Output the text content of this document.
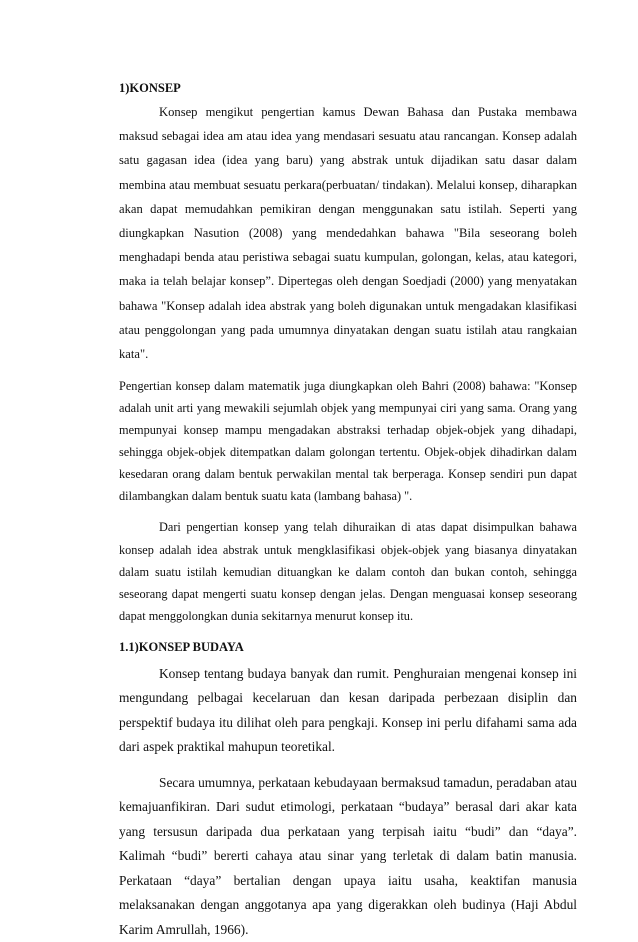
1)KONSEP

Konsep mengikut pengertian kamus Dewan Bahasa dan Pustaka membawa maksud sebagai idea am atau idea yang mendasari sesuatu atau rancangan. Konsep adalah satu gagasan idea (idea yang baru) yang abstrak untuk dijadikan satu dasar dalam membina atau membuat sesuatu perkara(perbuatan/ tindakan). Melalui konsep, diharapkan akan dapat memudahkan pemikiran dengan menggunakan satu istilah. Seperti yang diungkapkan Nasution (2008) yang mendedahkan bahawa "Bila seseorang boleh menghadapi benda atau peristiwa sebagai suatu kumpulan, golongan, kelas, atau kategori, maka ia telah belajar konsep”. Dipertegas oleh dengan Soedjadi (2000) yang menyatakan bahawa "Konsep adalah idea abstrak yang boleh digunakan untuk mengadakan klasifikasi atau penggolongan yang pada umumnya dinyatakan dengan suatu istilah atau rangkaian kata".

Pengertian konsep dalam matematik juga diungkapkan oleh Bahri (2008) bahawa: "Konsep adalah unit arti yang mewakili sejumlah objek yang mempunyai ciri yang sama. Orang yang mempunyai konsep mampu mengadakan abstraksi terhadap objek-objek yang dihadapi, sehingga objek-objek ditempatkan dalam golongan tertentu. Objek-objek dihadirkan dalam kesedaran orang dalam bentuk perwakilan mental tak berperaga. Konsep sendiri pun dapat dilambangkan dalam bentuk suatu kata (lambang bahasa) ".

Dari pengertian konsep yang telah dihuraikan di atas dapat disimpulkan bahawa konsep adalah idea abstrak untuk mengklasifikasi objek-objek yang biasanya dinyatakan dalam suatu istilah kemudian dituangkan ke dalam contoh dan bukan contoh, sehingga seseorang dapat mengerti suatu konsep dengan jelas. Dengan menguasai konsep seseorang dapat menggolongkan dunia sekitarnya menurut konsep itu.

1.1)KONSEP BUDAYA

Konsep tentang budaya banyak dan rumit. Penghuraian mengenai konsep ini mengundang pelbagai kecelaruan dan kesan daripada perbezaan disiplin dan perspektif budaya itu dilihat oleh para pengkaji. Konsep ini perlu difahami sama ada dari aspek praktikal mahupun teoretikal.

Secara umumnya, perkataan kebudayaan bermaksud tamadun, peradaban atau kemajuanfikiran. Dari sudut etimologi, perkataan “budaya” berasal dari akar kata yang tersusun daripada dua perkataan yang terpisah iaitu “budi” dan “daya”. Kalimah “budi” bererti cahaya atau sinar yang terletak di dalam batin manusia. Perkataan “daya” bertalian dengan upaya iaitu usaha, keaktifan manusia melaksanakan dengan anggotanya apa yang digerakkan oleh budinya (Haji Abdul Karim Amrullah, 1966).
